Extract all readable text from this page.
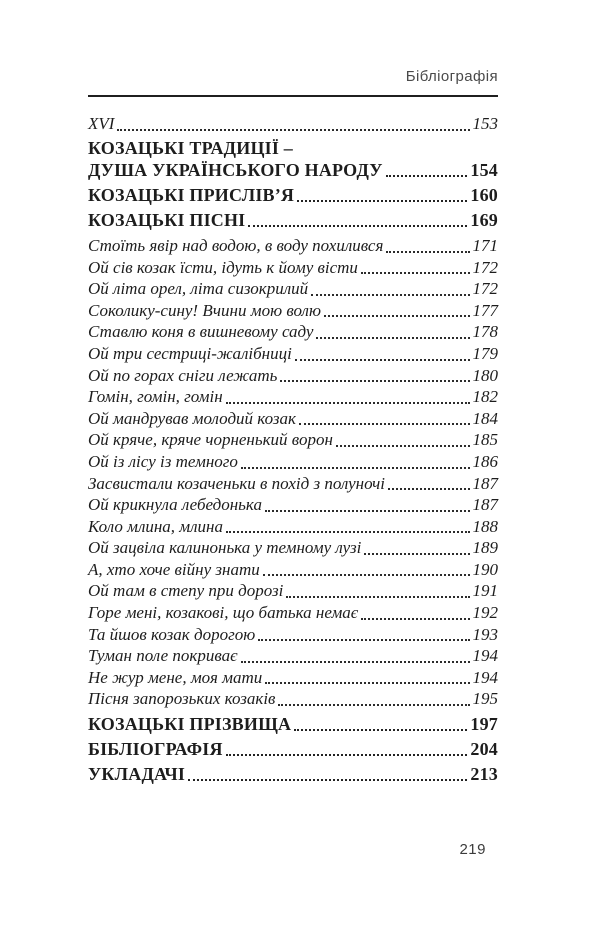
Бібліографія
XVI	153
КОЗАЦЬКІ ТРАДИЦІЇ –
ДУША УКРАЇНСЬКОГО НАРОДУ	154
КОЗАЦЬКІ ПРИСЛІВ’Я	160
КОЗАЦЬКІ ПІСНІ	169
Стоїть явір над водою, в воду похилився	171
Ой сів козак їсти, ідуть к йому вісти	172
Ой літа орел, літа сизокрилий	172
Соколику-сину! Вчини мою волю	177
Ставлю коня в вишневому саду	178
Ой три сестриці-жалібниці	179
Ой по горах сніги лежать	180
Гомін, гомін, гомін	182
Ой мандрував молодий козак	184
Ой кряче, кряче чорненький ворон	185
Ой із лісу із темного	186
Засвистали козаченьки в похід з полуночі	187
Ой крикнула лебедонька	187
Коло млина, млина	188
Ой зацвіла калинонька у темному лузі	189
А, хто хоче війну знати	190
Ой там в степу при дорозі	191
Горе мені, козакові, що батька немає	192
Та йшов козак дорогою	193
Туман поле покриває	194
Не жур мене, моя мати	194
Пісня запорозьких козаків	195
КОЗАЦЬКІ ПРІЗВИЩА	197
БІБЛІОГРАФІЯ	204
УКЛАДАЧІ	213
219
